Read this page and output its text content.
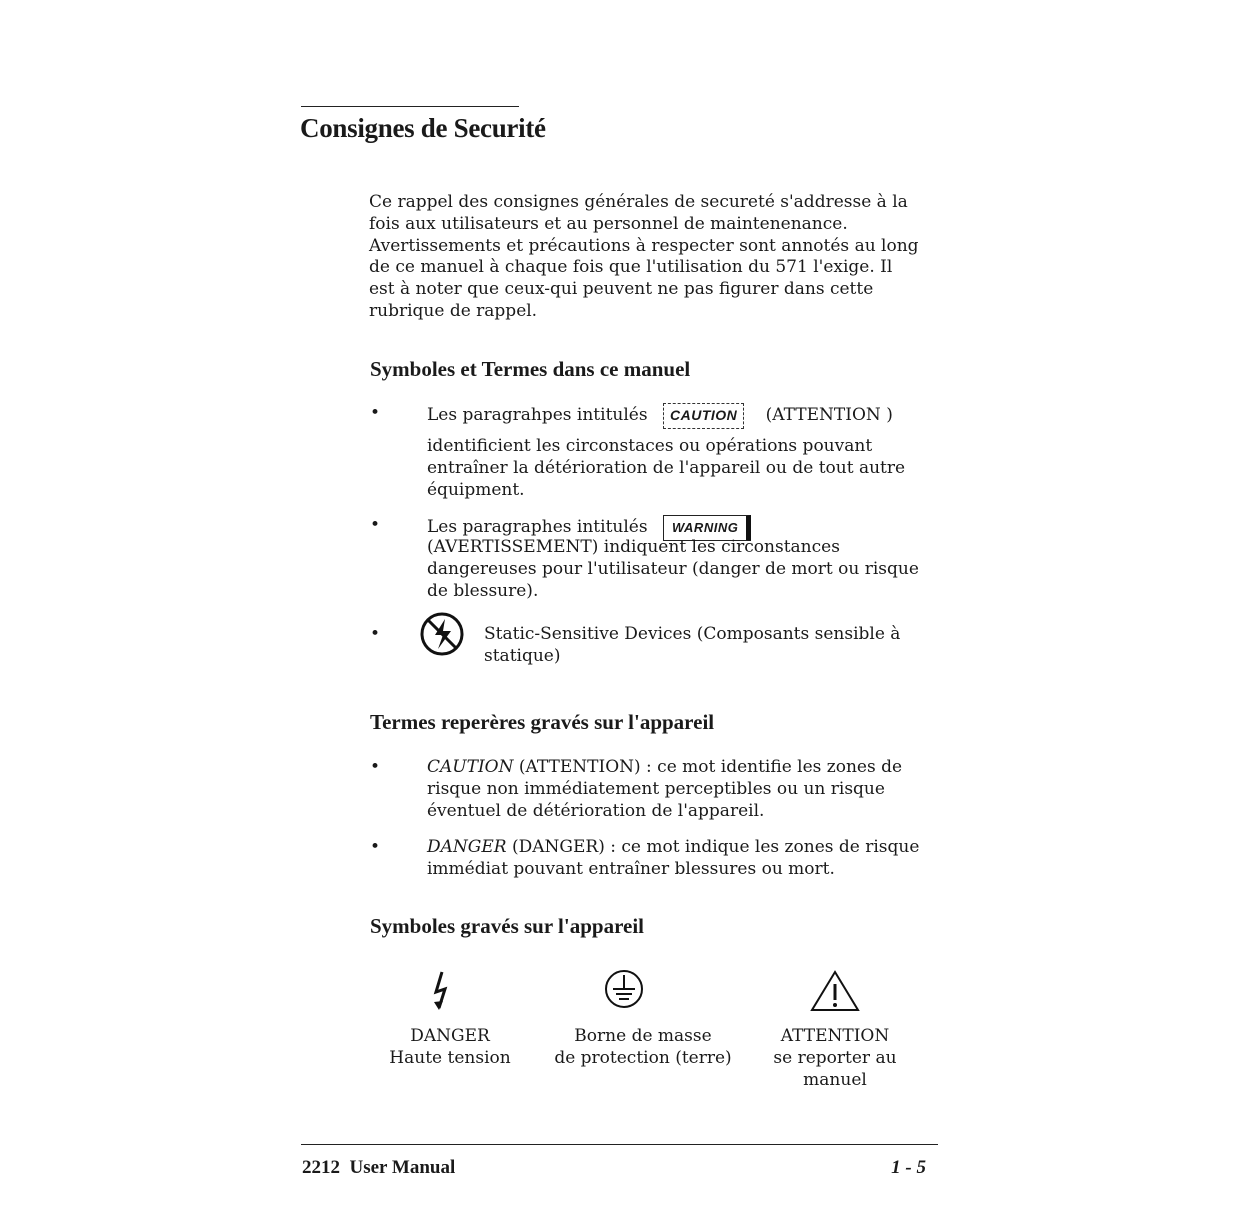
Consignes de Securité
Ce rappel des consignes générales de secureté s'addresse à la
fois aux utilisateurs et au personnel de maintenenance.
Avertissements et précautions à respecter sont annotés au long
de ce manuel à chaque fois que l'utilisation du 571 l'exige. Il
est à noter que ceux-qui peuvent ne pas figurer dans cette
rubrique de rappel.
Symboles et Termes dans ce manuel
•	Les paragrahpes intitulés CAUTION (ATTENTION )
identificient les circonstaces ou opérations pouvant
entraîner la détérioration de l'appareil ou de tout autre
équipment.
•	Les paragraphes intitulés WARNING
(AVERTISSEMENT) indiquent les circonstances
dangereuses pour l'utilisateur (danger de mort ou risque
de blessure).
•	Static-Sensitive Devices (Composants sensible à
statique)
Termes reperères gravés sur l'appareil
•	CAUTION (ATTENTION) : ce mot identifie les zones de
risque non immédiatement perceptibles ou un risque
éventuel de détérioration de l'appareil.
•	DANGER (DANGER) : ce mot indique les zones de risque
immédiat pouvant entraîner blessures ou mort.
Symboles gravés sur l'appareil
DANGER
Haute tension
Borne de masse
de protection (terre)
ATTENTION
se reporter au
manuel
2212  User Manual	1 - 5
